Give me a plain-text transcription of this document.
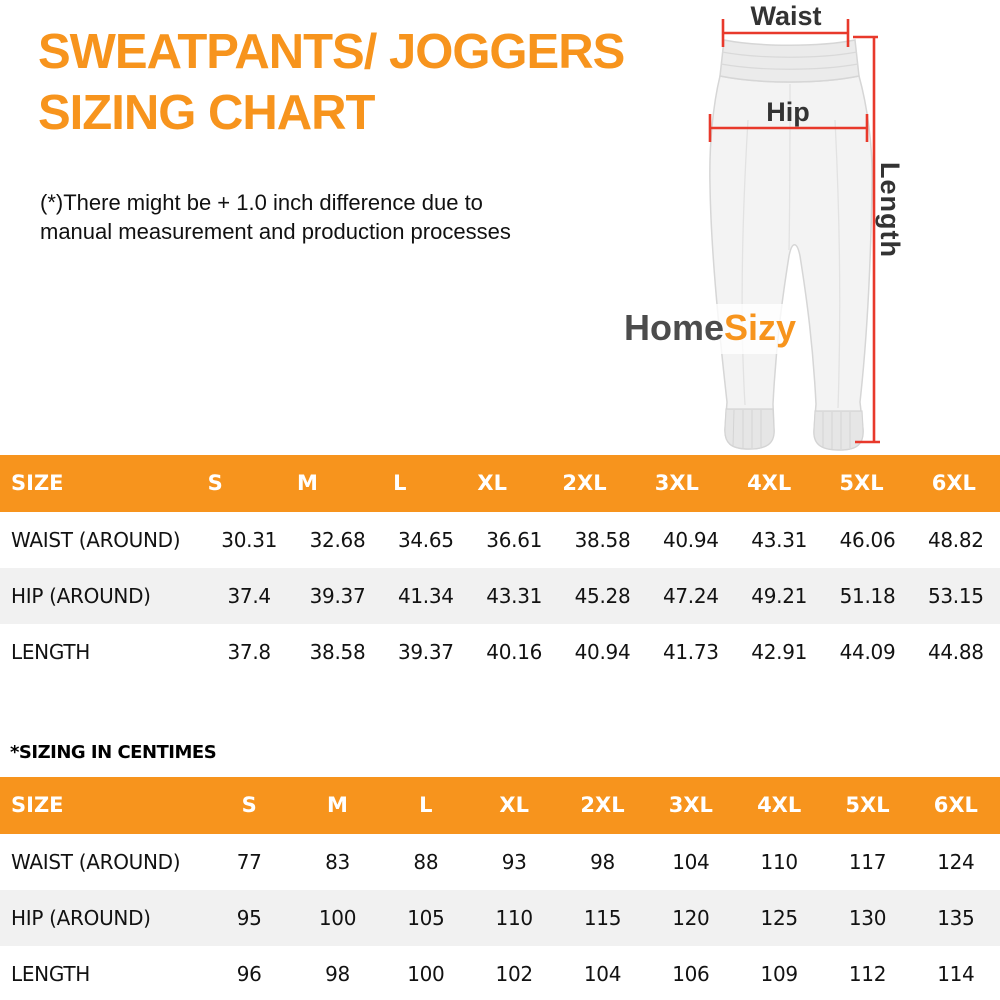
SWEATPANTS/ JOGGERS
SIZING CHART
(*)There might be + 1.0 inch difference due to
manual measurement and production processes
Waist
Hip
Length
HomeSizy
SIZE	S	M	L	XL	2XL	3XL	4XL	5XL	6XL
WAIST (AROUND)	30.31	32.68	34.65	36.61	38.58	40.94	43.31	46.06	48.82
HIP (AROUND)	37.4	39.37	41.34	43.31	45.28	47.24	49.21	51.18	53.15
LENGTH	37.8	38.58	39.37	40.16	40.94	41.73	42.91	44.09	44.88
*SIZING IN CENTIMES
SIZE	S	M	L	XL	2XL	3XL	4XL	5XL	6XL
WAIST (AROUND)	77	83	88	93	98	104	110	117	124
HIP (AROUND)	95	100	105	110	115	120	125	130	135
LENGTH	96	98	100	102	104	106	109	112	114
